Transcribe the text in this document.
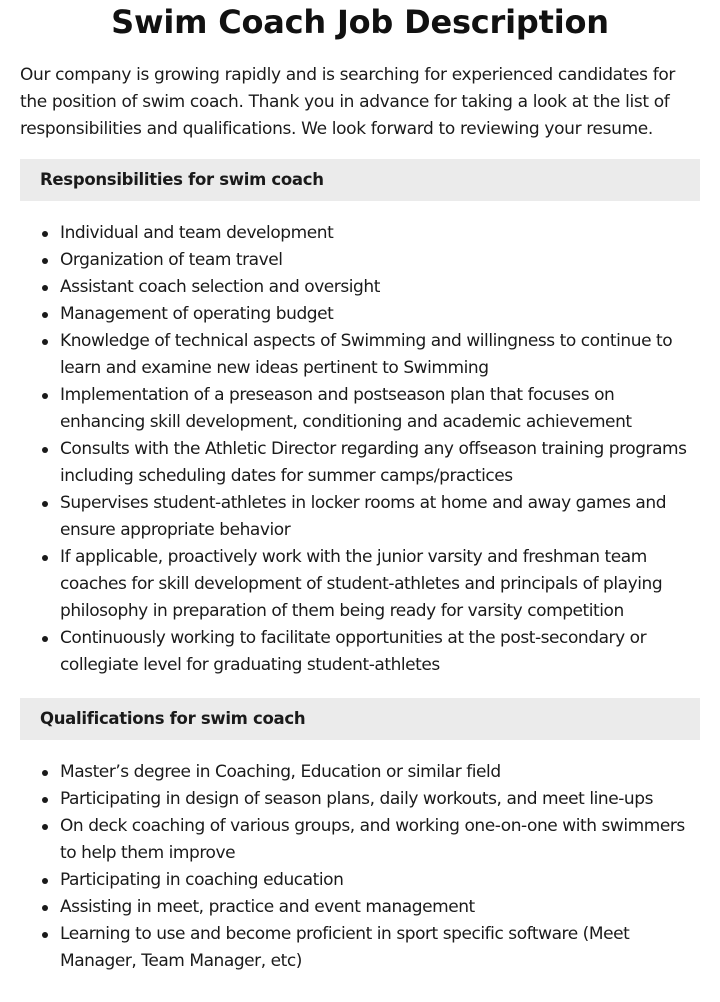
Swim Coach Job Description

Our company is growing rapidly and is searching for experienced candidates for the position of swim coach. Thank you in advance for taking a look at the list of responsibilities and qualifications. We look forward to reviewing your resume.

Responsibilities for swim coach
Individual and team development
Organization of team travel
Assistant coach selection and oversight
Management of operating budget
Knowledge of technical aspects of Swimming and willingness to continue to learn and examine new ideas pertinent to Swimming
Implementation of a preseason and postseason plan that focuses on enhancing skill development, conditioning and academic achievement
Consults with the Athletic Director regarding any offseason training programs including scheduling dates for summer camps/practices
Supervises student-athletes in locker rooms at home and away games and ensure appropriate behavior
If applicable, proactively work with the junior varsity and freshman team coaches for skill development of student-athletes and principals of playing philosophy in preparation of them being ready for varsity competition
Continuously working to facilitate opportunities at the post-secondary or collegiate level for graduating student-athletes
Qualifications for swim coach
Master’s degree in Coaching, Education or similar field
Participating in design of season plans, daily workouts, and meet line-ups
On deck coaching of various groups, and working one-on-one with swimmers to help them improve
Participating in coaching education
Assisting in meet, practice and event management
Learning to use and become proficient in sport specific software (Meet Manager, Team Manager, etc)
